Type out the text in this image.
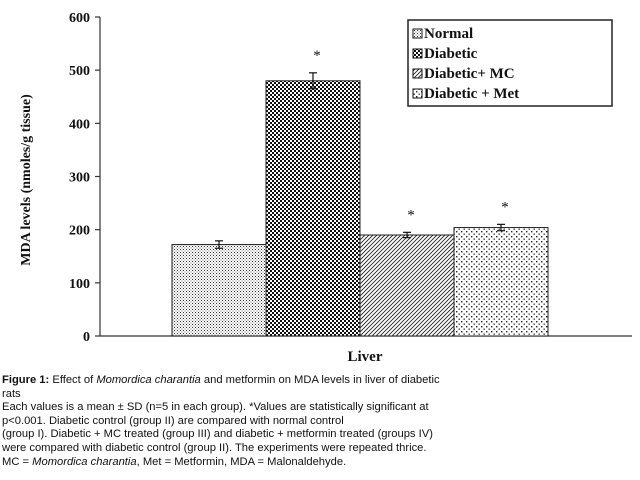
MDA levels (nmoles/g tissue)
0
100
200
300
400
500
600
*
*	*
Liver
Normal
Diabetic
Diabetic+ MC
Diabetic + Met

Figure 1: Effect of Momordica charantia and metformin on MDA levels in liver of diabetic

rats

Each values is a mean ± SD (n=5 in each group). *Values are statistically significant at

p<0.001. Diabetic control (group II) are compared with normal control

(group I). Diabetic + MC treated (group III) and diabetic + metformin treated (groups IV)

were compared with diabetic control (group II). The experiments were repeated thrice.

MC = Momordica charantia, Met = Metformin, MDA = Malonaldehyde.
